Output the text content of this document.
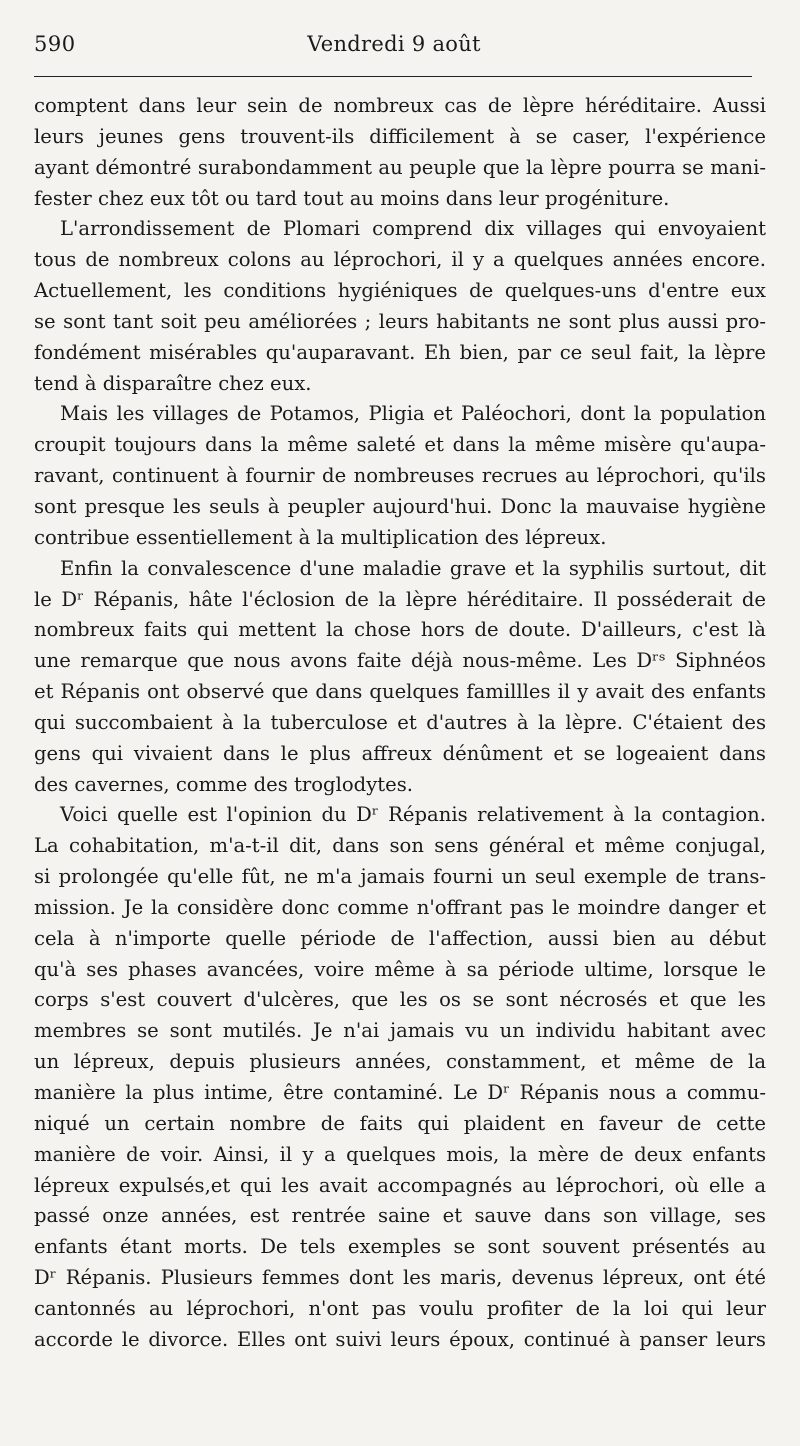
590	Vendredi 9 août

comptent dans leur sein de nombreux cas de lèpre héréditaire. Aussi

leurs jeunes gens trouvent-ils difficilement à se caser, l'expérience

ayant démontré surabondamment au peuple que la lèpre pourra se mani-

fester chez eux tôt ou tard tout au moins dans leur progéniture.

L'arrondissement de Plomari comprend dix villages qui envoyaient

tous de nombreux colons au léprochori, il y a quelques années encore.

Actuellement, les conditions hygiéniques de quelques-uns d'entre eux

se sont tant soit peu améliorées ; leurs habitants ne sont plus aussi pro-

fondément misérables qu'auparavant. Eh bien, par ce seul fait, la lèpre

tend à disparaître chez eux.

Mais les villages de Potamos, Pligia et Paléochori, dont la population

croupit toujours dans la même saleté et dans la même misère qu'aupa-

ravant, continuent à fournir de nombreuses recrues au léprochori, qu'ils

sont presque les seuls à peupler aujourd'hui. Donc la mauvaise hygiène

contribue essentiellement à la multiplication des lépreux.

Enfin la convalescence d'une maladie grave et la syphilis surtout, dit

le Dʳ Répanis, hâte l'éclosion de la lèpre héréditaire. Il posséderait de

nombreux faits qui mettent la chose hors de doute. D'ailleurs, c'est là

une remarque que nous avons faite déjà nous-même. Les Dʳˢ Siphnéos

et Répanis ont observé que dans quelques famillles il y avait des enfants

qui succombaient à la tuberculose et d'autres à la lèpre. C'étaient des

gens qui vivaient dans le plus affreux dénûment et se logeaient dans

des cavernes, comme des troglodytes.

Voici quelle est l'opinion du Dʳ Répanis relativement à la contagion.

La cohabitation, m'a-t-il dit, dans son sens général et même conjugal,

si prolongée qu'elle fût, ne m'a jamais fourni un seul exemple de trans-

mission. Je la considère donc comme n'offrant pas le moindre danger et

cela à n'importe quelle période de l'affection, aussi bien au début

qu'à ses phases avancées, voire même à sa période ultime, lorsque le

corps s'est couvert d'ulcères, que les os se sont nécrosés et que les

membres se sont mutilés. Je n'ai jamais vu un individu habitant avec

un lépreux, depuis plusieurs années, constamment, et même de la

manière la plus intime, être contaminé. Le Dʳ Répanis nous a commu-

niqué un certain nombre de faits qui plaident en faveur de cette

manière de voir. Ainsi, il y a quelques mois, la mère de deux enfants

lépreux expulsés,et qui les avait accompagnés au léprochori, où elle a

passé onze années, est rentrée saine et sauve dans son village, ses

enfants étant morts. De tels exemples se sont souvent présentés au

Dʳ Répanis. Plusieurs femmes dont les maris, devenus lépreux, ont été

cantonnés au léprochori, n'ont pas voulu profiter de la loi qui leur

accorde le divorce. Elles ont suivi leurs époux, continué à panser leurs
